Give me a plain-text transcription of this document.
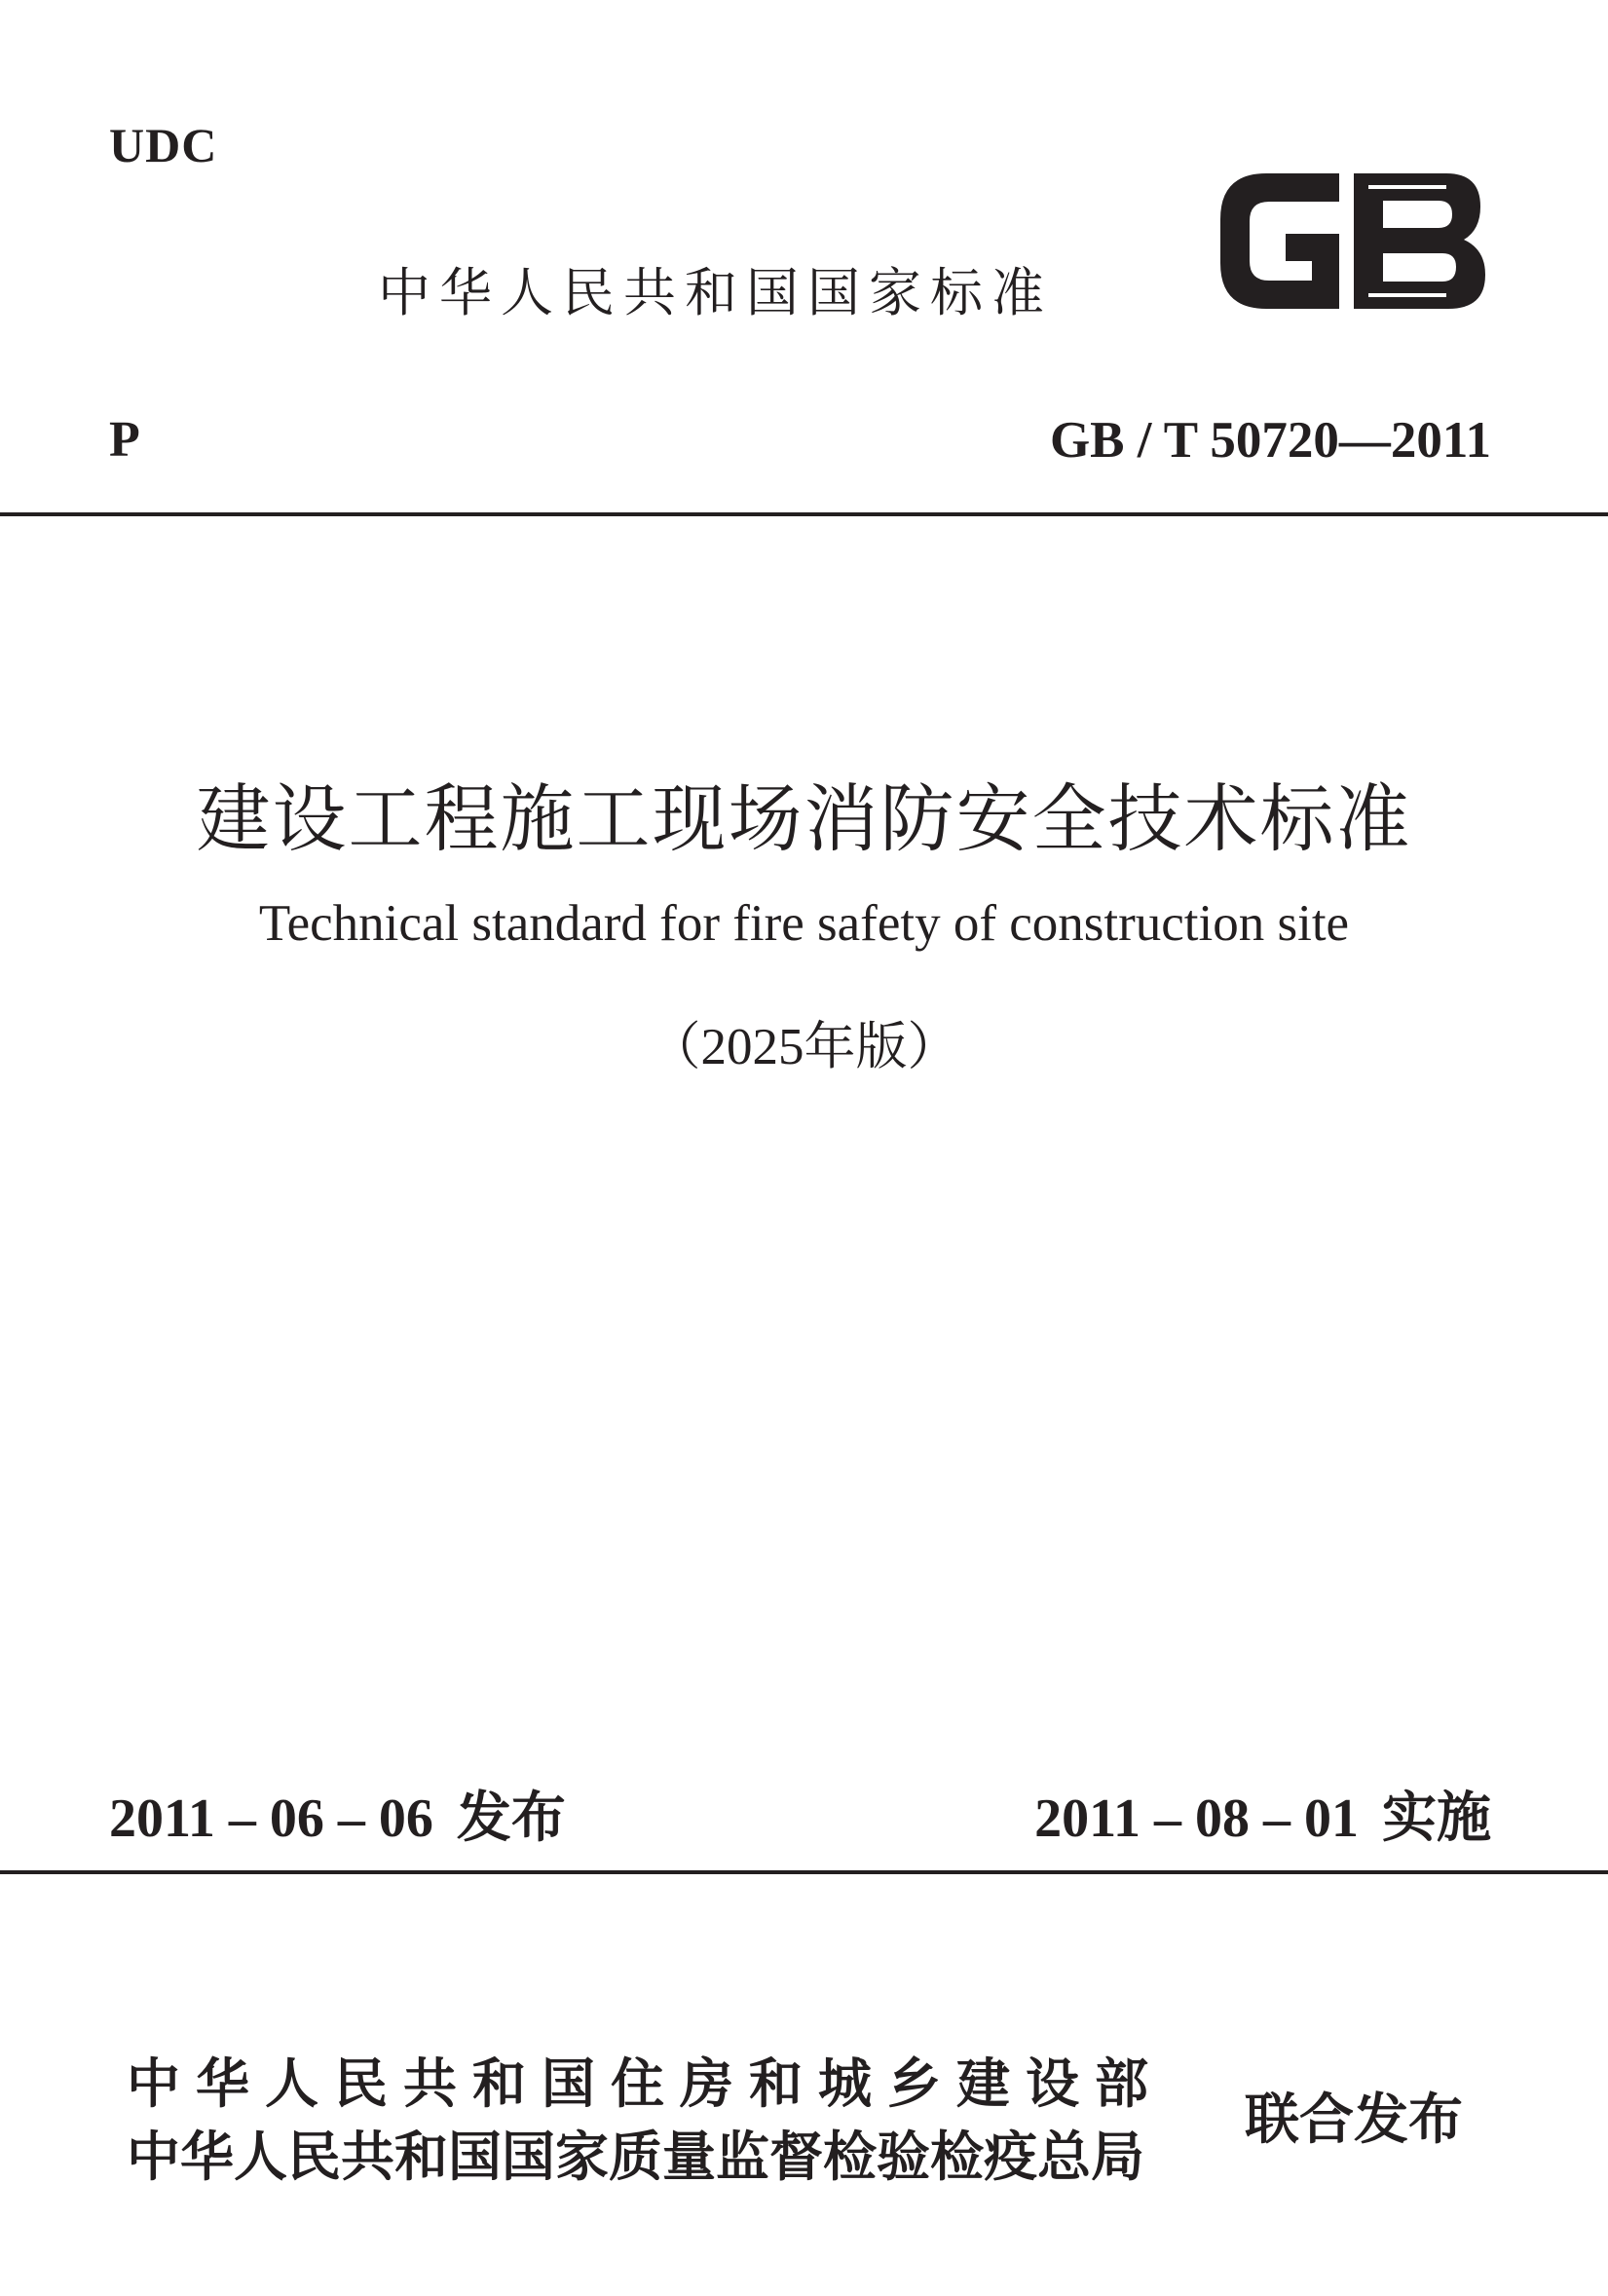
UDC
中华人民共和国国家标准
P	GB / T 50720—2011
建设工程施工现场消防安全技术标准
Technical standard for fire safety of construction site
（2025年版）
2011 – 06 – 06 发布	2011 – 08 – 01 实施
中华人民共和国住房和城乡建设部
中华人民共和国国家质量监督检验检疫总局
联合发布
